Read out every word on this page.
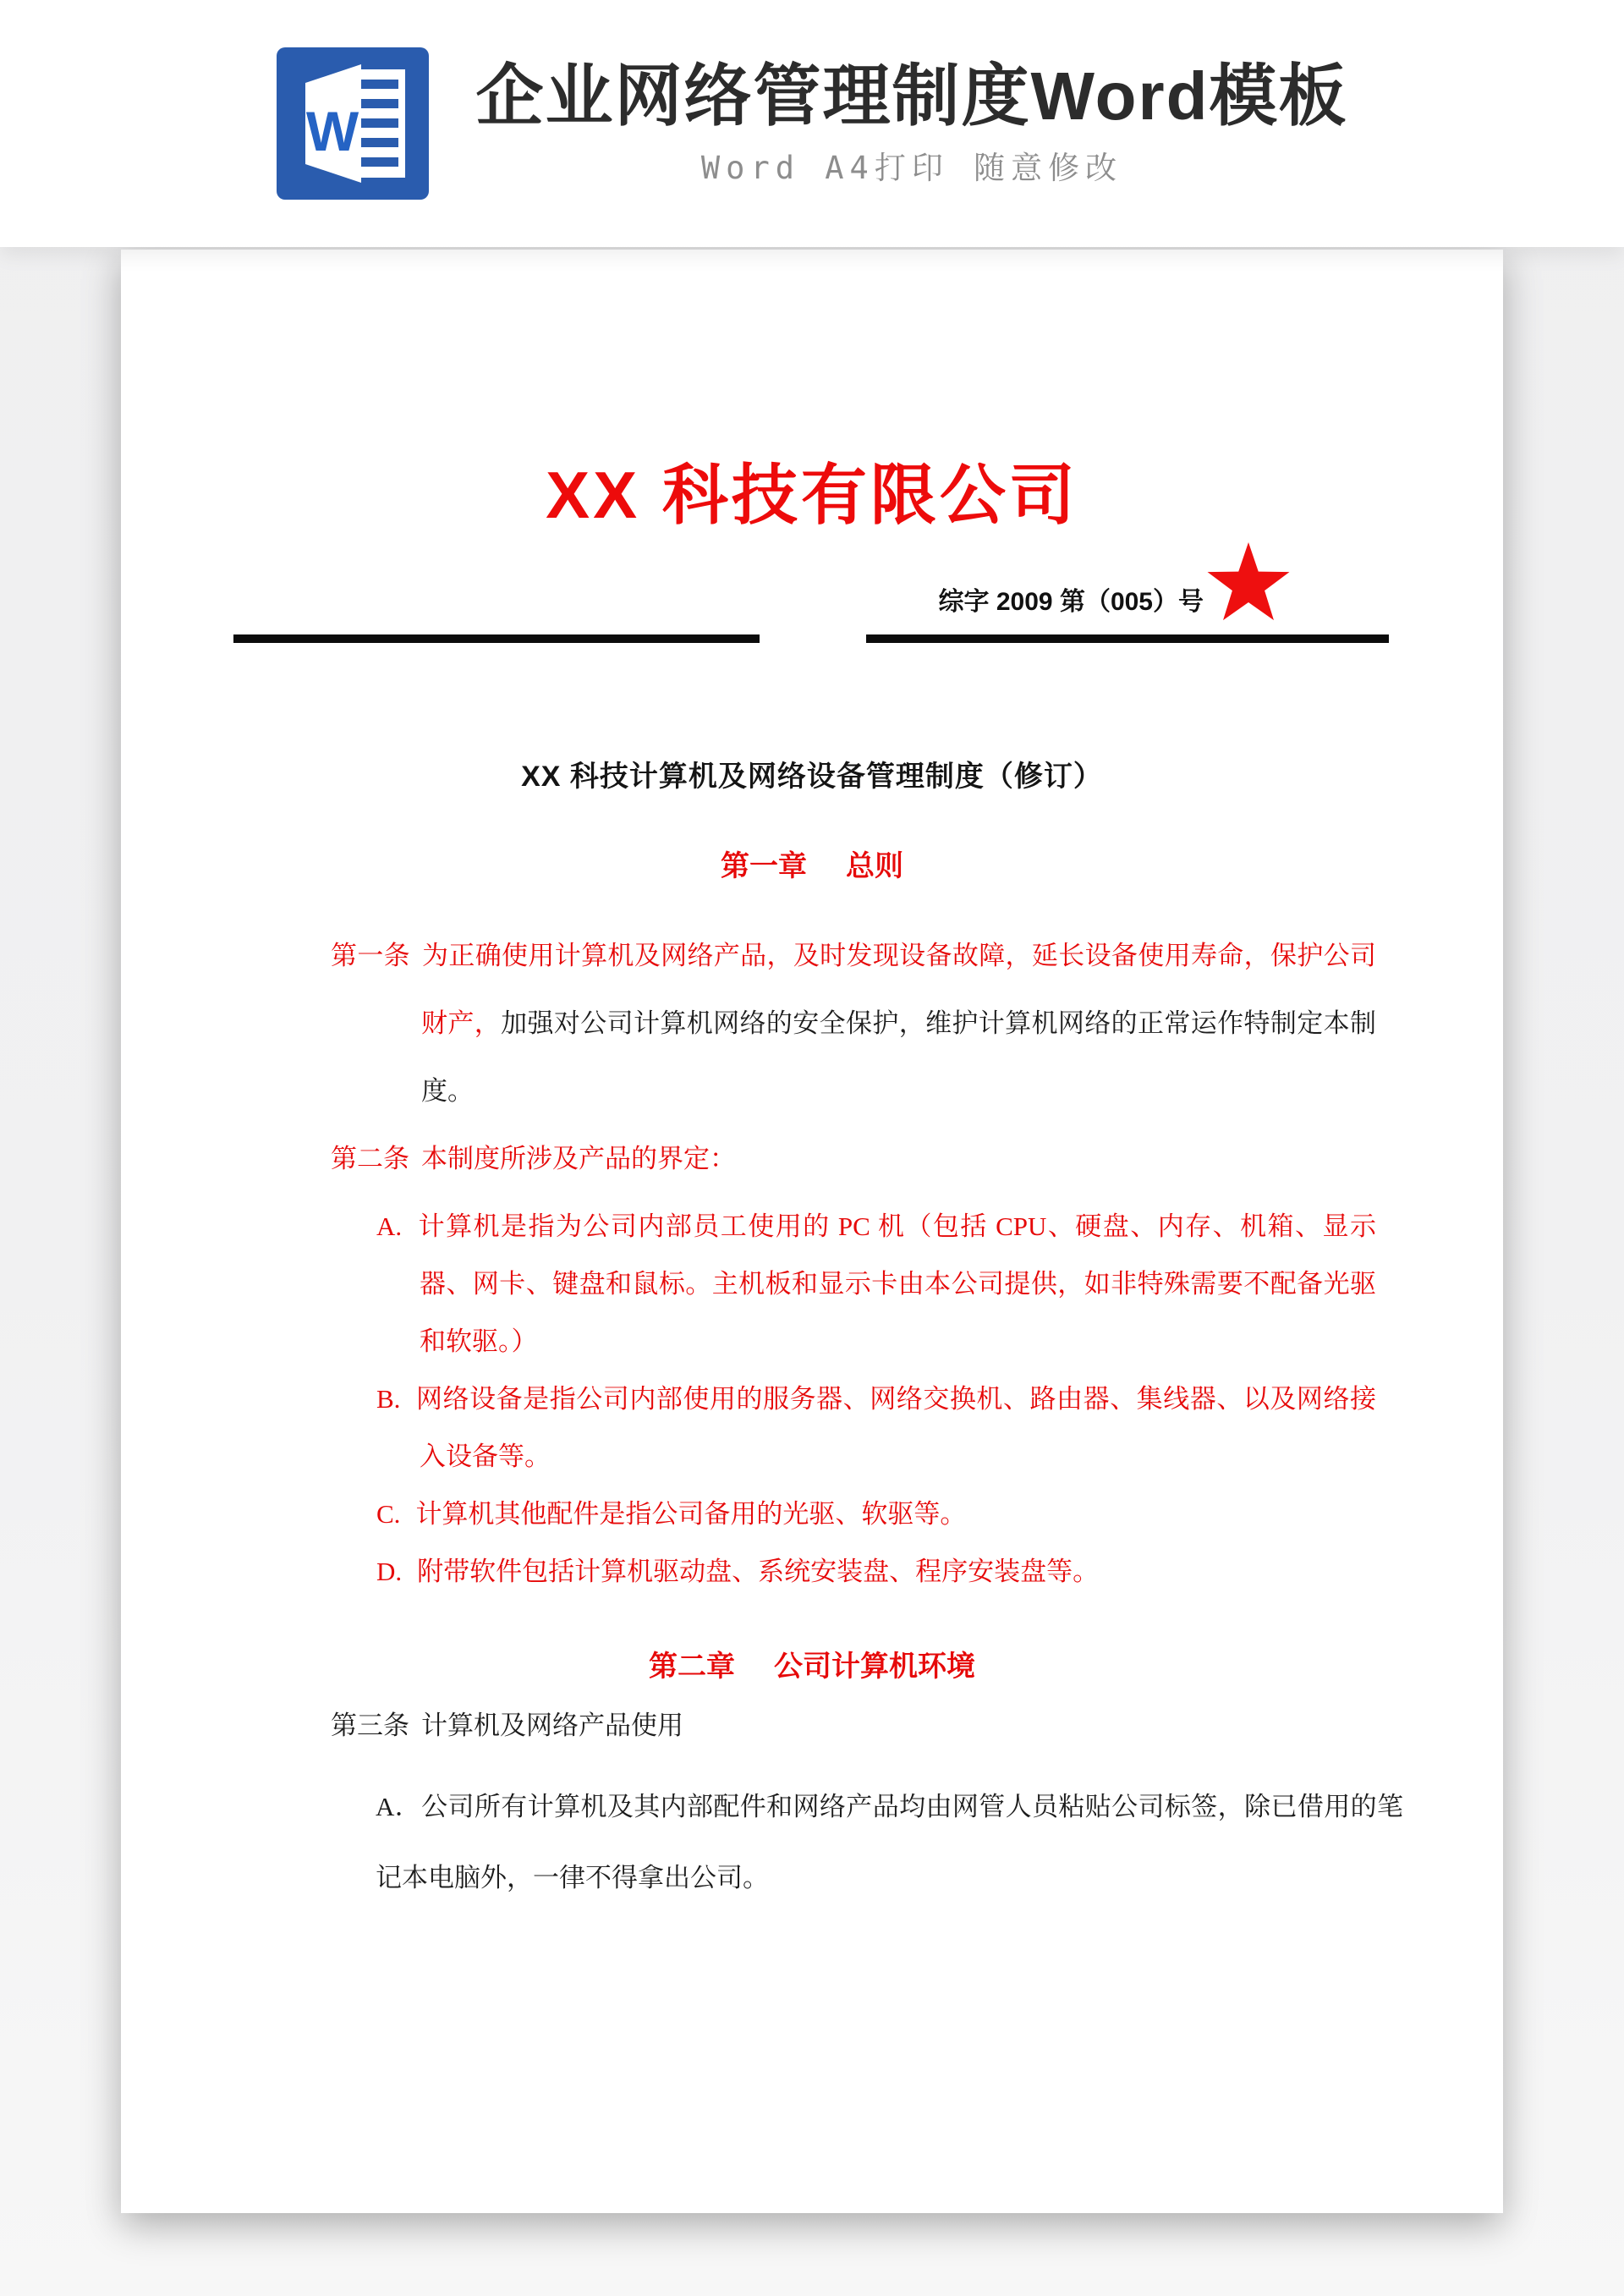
W 企业网络管理制度Word模板
Word A4打印 随意修改
XX 科技有限公司
综字 2009 第（005）号
XX 科技计算机及网络设备管理制度（修订）
第一章 总则
第一条 为正确使用计算机及网络产品，及时发现设备故障，延长设备使用寿命，保护公司财产，加强对公司计算机网络的安全保护，维护计算机网络的正常运作特制定本制度。
第二条 本制度所涉及产品的界定：
A. 计算机是指为公司内部员工使用的 PC 机（包括 CPU、硬盘、内存、机箱、显示器、网卡、键盘和鼠标。主机板和显示卡由本公司提供，如非特殊需要不配备光驱和软驱。）
B. 网络设备是指公司内部使用的服务器、网络交换机、路由器、集线器、以及网络接入设备等。
C. 计算机其他配件是指公司备用的光驱、软驱等。
D. 附带软件包括计算机驱动盘、系统安装盘、程序安装盘等。
第二章 公司计算机环境
第三条 计算机及网络产品使用
A．公司所有计算机及其内部配件和网络产品均由网管人员粘贴公司标签，除已借用的笔记本电脑外，一律不得拿出公司。
